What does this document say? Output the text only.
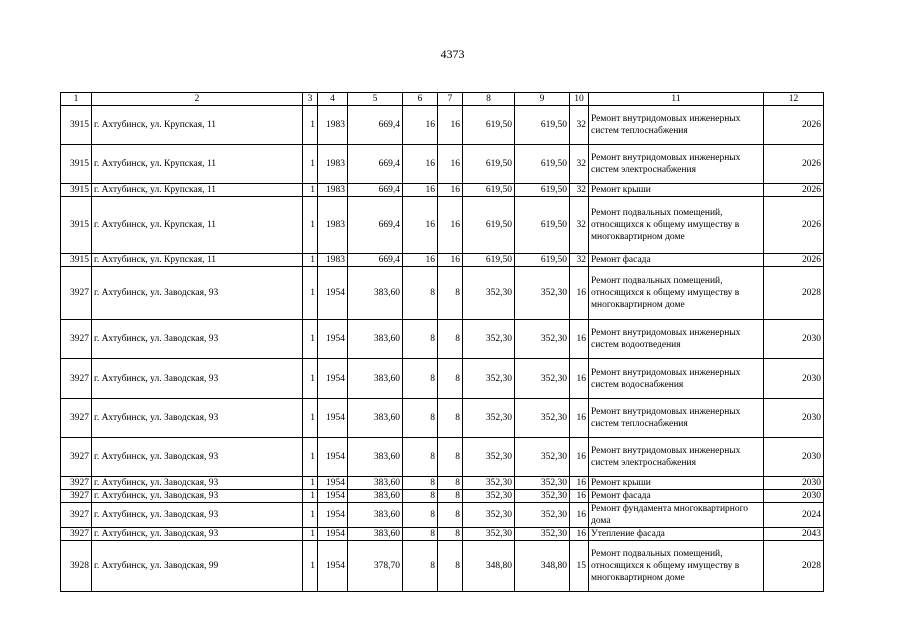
4373
1	2	3	4	5	6	7	8	9	10	11	12
3915	г. Ахтубинск, ул. Крупская, 11	1	1983	669,4	16	16	619,50	619,50	32	Ремонт внутридомовых инженерных систем теплоснабжения	2026
3915	г. Ахтубинск, ул. Крупская, 11	1	1983	669,4	16	16	619,50	619,50	32	Ремонт внутридомовых инженерных систем электроснабжения	2026
3915	г. Ахтубинск, ул. Крупская, 11	1	1983	669,4	16	16	619,50	619,50	32	Ремонт крыши	2026
3915	г. Ахтубинск, ул. Крупская, 11	1	1983	669,4	16	16	619,50	619,50	32	Ремонт подвальных помещений, относящихся к общему имуществу в многоквартирном доме	2026
3915	г. Ахтубинск, ул. Крупская, 11	1	1983	669,4	16	16	619,50	619,50	32	Ремонт фасада	2026
3927	г. Ахтубинск, ул. Заводская, 93	1	1954	383,60	8	8	352,30	352,30	16	Ремонт подвальных помещений, относящихся к общему имуществу в многоквартирном доме	2028
3927	г. Ахтубинск, ул. Заводская, 93	1	1954	383,60	8	8	352,30	352,30	16	Ремонт внутридомовых инженерных систем водоотведения	2030
3927	г. Ахтубинск, ул. Заводская, 93	1	1954	383,60	8	8	352,30	352,30	16	Ремонт внутридомовых инженерных систем водоснабжения	2030
3927	г. Ахтубинск, ул. Заводская, 93	1	1954	383,60	8	8	352,30	352,30	16	Ремонт внутридомовых инженерных систем теплоснабжения	2030
3927	г. Ахтубинск, ул. Заводская, 93	1	1954	383,60	8	8	352,30	352,30	16	Ремонт внутридомовых инженерных систем электроснабжения	2030
3927	г. Ахтубинск, ул. Заводская, 93	1	1954	383,60	8	8	352,30	352,30	16	Ремонт крыши	2030
3927	г. Ахтубинск, ул. Заводская, 93	1	1954	383,60	8	8	352,30	352,30	16	Ремонт фасада	2030
3927	г. Ахтубинск, ул. Заводская, 93	1	1954	383,60	8	8	352,30	352,30	16	Ремонт фундамента многоквартирного дома	2024
3927	г. Ахтубинск, ул. Заводская, 93	1	1954	383,60	8	8	352,30	352,30	16	Утепление фасада	2043
3928	г. Ахтубинск, ул. Заводская, 99	1	1954	378,70	8	8	348,80	348,80	15	Ремонт подвальных помещений, относящихся к общему имуществу в многоквартирном доме	2028
